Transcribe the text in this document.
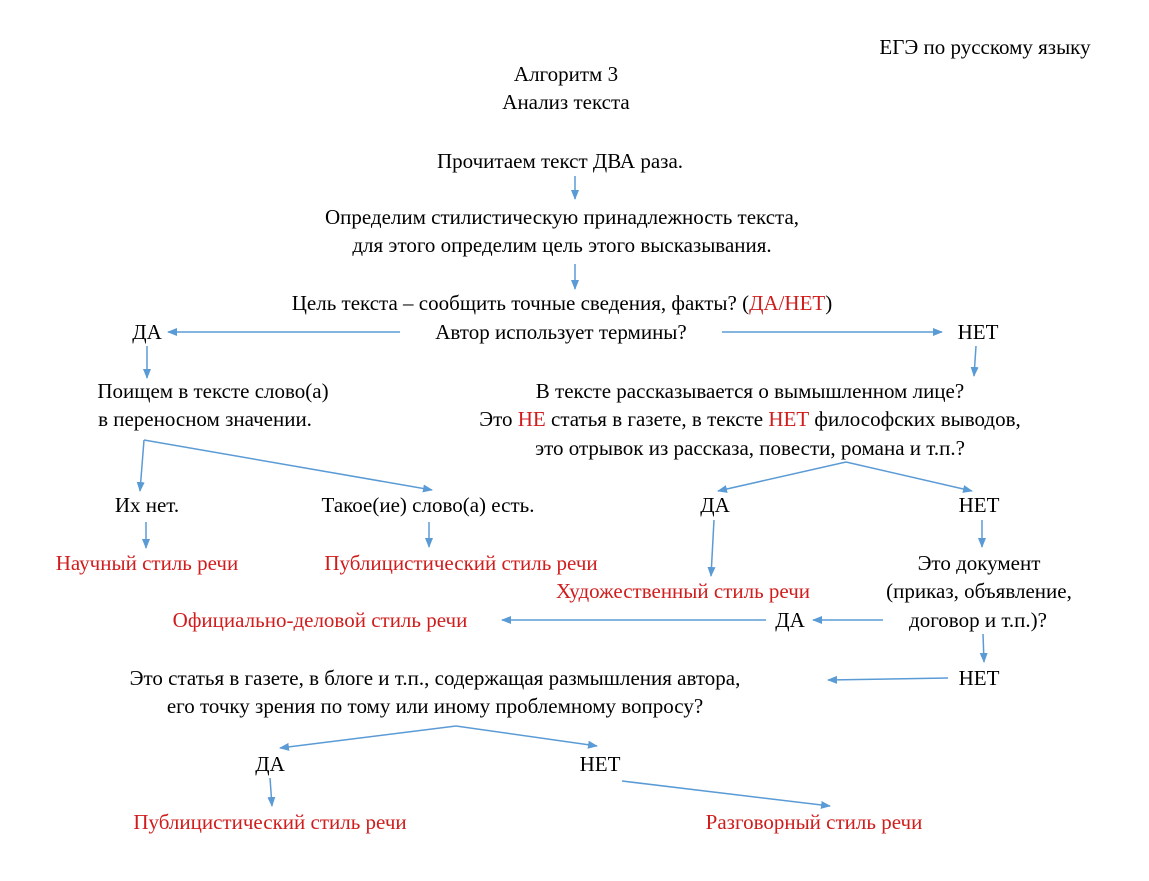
ЕГЭ по русскому языку
Алгоритм 3
Анализ текста
Прочитаем текст ДВА раза.
Определим стилистическую принадлежность текста,
для этого определим цель этого высказывания.
Цель текста – сообщить точные сведения, факты? (ДА/НЕТ)
Автор использует термины?
ДА	НЕТ
Поищем в тексте слово(а)
в переносном значении.
В тексте рассказывается о вымышленном лице?
Это НЕ статья в газете, в тексте НЕТ философских выводов,
это отрывок из рассказа, повести, романа и т.п.?
Их нет.	Такое(ие) слово(а) есть.	ДА	НЕТ
Научный стиль речи	Публицистический стиль речи	Это документ
Художественный стиль речи	(приказ, объявление,
Официально-деловой стиль речи	ДА	договор и т.п.)?
Это статья в газете, в блоге и т.п., содержащая размышления автора,	НЕТ
его точку зрения по тому или иному проблемному вопросу?
ДА	НЕТ
Публицистический стиль речи	Разговорный стиль речи
